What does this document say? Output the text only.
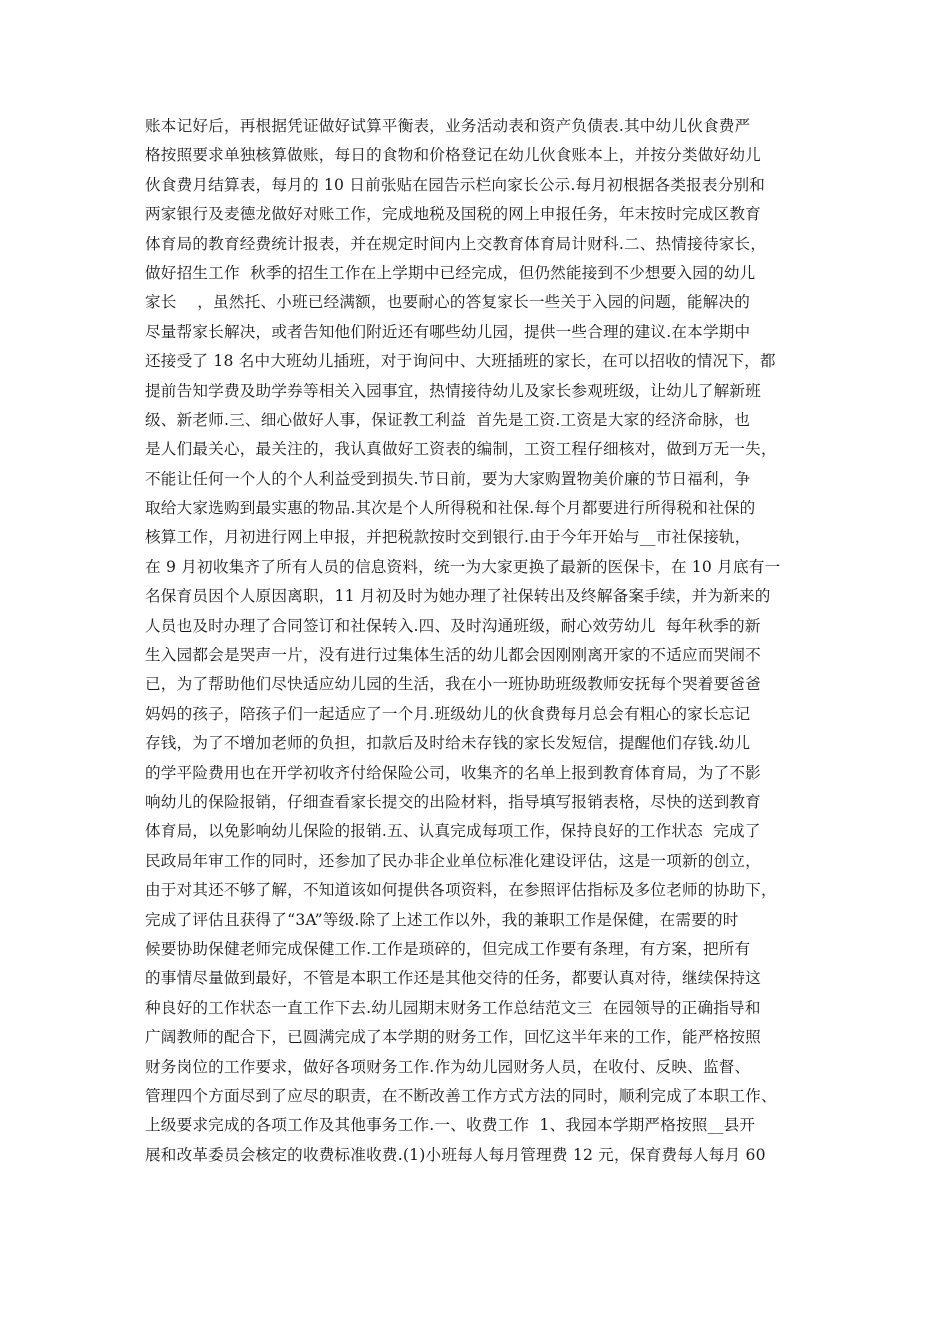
账本记好后，再根据凭证做好试算平衡表，业务活动表和资产负债表.其中幼儿伙食费严
格按照要求单独核算做账，每日的食物和价格登记在幼儿伙食账本上，并按分类做好幼儿
伙食费月结算表，每月的 10 日前张贴在园告示栏向家长公示.每月初根据各类报表分别和
两家银行及麦德龙做好对账工作，完成地税及国税的网上申报任务，年末按时完成区教育
体育局的教育经费统计报表，并在规定时间内上交教育体育局计财科.二、热情接待家长，
做好招生工作  秋季的招生工作在上学期中已经完成，但仍然能接到不少想要入园的幼儿
家长    ，虽然托、小班已经满额，也要耐心的答复家长一些关于入园的问题，能解决的
尽量帮家长解决，或者告知他们附近还有哪些幼儿园，提供一些合理的建议.在本学期中
还接受了 18 名中大班幼儿插班，对于询问中、大班插班的家长，在可以招收的情况下，都
提前告知学费及助学券等相关入园事宜，热情接待幼儿及家长参观班级，让幼儿了解新班
级、新老师.三、细心做好人事，保证教工利益  首先是工资.工资是大家的经济命脉，也
是人们最关心，最关注的，我认真做好工资表的编制，工资工程仔细核对，做到万无一失，
不能让任何一个人的个人利益受到损失.节日前，要为大家购置物美价廉的节日福利，争
取给大家选购到最实惠的物品.其次是个人所得税和社保.每个月都要进行所得税和社保的
核算工作，月初进行网上申报，并把税款按时交到银行.由于今年开始与__市社保接轨，
在 9 月初收集齐了所有人员的信息资料，统一为大家更换了最新的医保卡，在 10 月底有一
名保育员因个人原因离职，11 月初及时为她办理了社保转出及终解备案手续，并为新来的
人员也及时办理了合同签订和社保转入.四、及时沟通班级，耐心效劳幼儿  每年秋季的新
生入园都会是哭声一片，没有进行过集体生活的幼儿都会因刚刚离开家的不适应而哭闹不
已，为了帮助他们尽快适应幼儿园的生活，我在小一班协助班级教师安抚每个哭着要爸爸
妈妈的孩子，陪孩子们一起适应了一个月.班级幼儿的伙食费每月总会有粗心的家长忘记
存钱，为了不增加老师的负担，扣款后及时给未存钱的家长发短信，提醒他们存钱.幼儿
的学平险费用也在开学初收齐付给保险公司，收集齐的名单上报到教育体育局，为了不影
响幼儿的保险报销，仔细查看家长提交的出险材料，指导填写报销表格，尽快的送到教育
体育局，以免影响幼儿保险的报销.五、认真完成每项工作，保持良好的工作状态  完成了
民政局年审工作的同时，还参加了民办非企业单位标准化建设评估，这是一项新的创立，
由于对其还不够了解，不知道该如何提供各项资料，在参照评估指标及多位老师的协助下，
完成了评估且获得了“3A”等级.除了上述工作以外，我的兼职工作是保健，在需要的时
候要协助保健老师完成保健工作.工作是琐碎的，但完成工作要有条理，有方案，把所有
的事情尽量做到最好，不管是本职工作还是其他交待的任务，都要认真对待，继续保持这
种良好的工作状态一直工作下去.幼儿园期末财务工作总结范文三  在园领导的正确指导和
广阔教师的配合下，已圆满完成了本学期的财务工作，回忆这半年来的工作，能严格按照
财务岗位的工作要求，做好各项财务工作.作为幼儿园财务人员，在收付、反映、监督、
管理四个方面尽到了应尽的职责，在不断改善工作方式方法的同时，顺利完成了本职工作、
上级要求完成的各项工作及其他事务工作.一、收费工作  1、我园本学期严格按照__县开
展和改革委员会核定的收费标准收费.(1)小班每人每月管理费 12 元，保育费每人每月 60
